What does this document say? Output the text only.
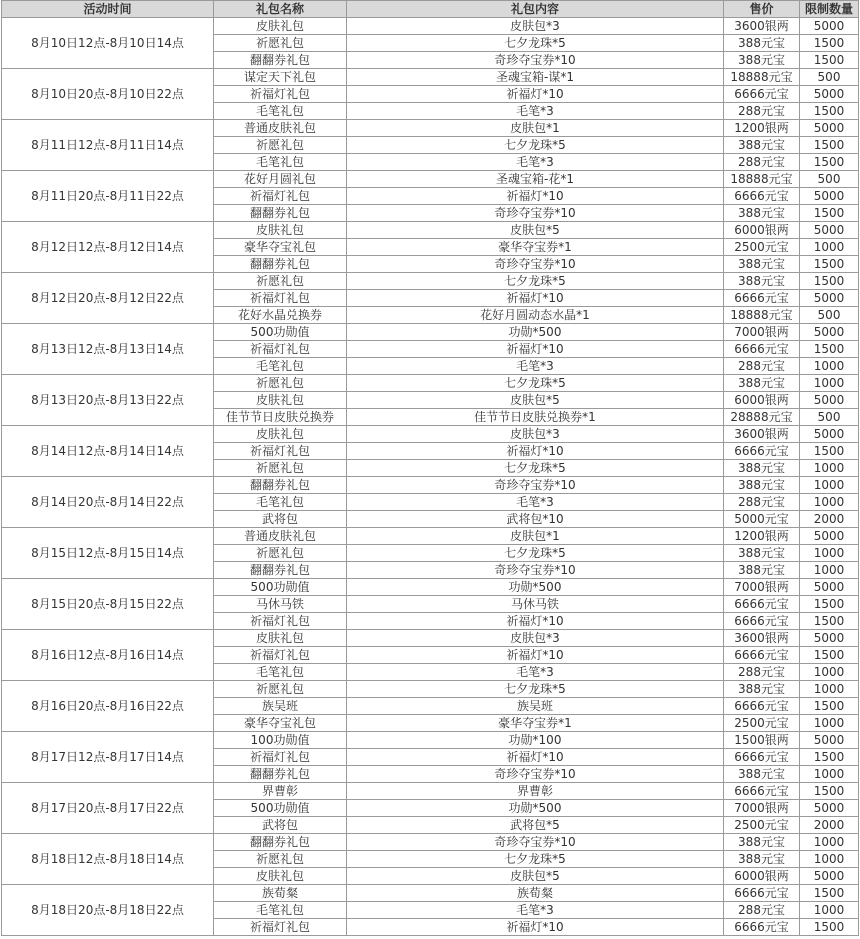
活动时间	礼包名称	礼包内容	售价	限制数量
8月10日12点-8月10日14点	皮肤礼包	皮肤包*3	3600银两	5000
	祈愿礼包	七夕龙珠*5	388元宝	1500
	翻翻券礼包	奇珍夺宝券*10	388元宝	1500
8月10日20点-8月10日22点	谋定天下礼包	圣魂宝箱-谋*1	18888元宝	500
	祈福灯礼包	祈福灯*10	6666元宝	5000
	毛笔礼包	毛笔*3	288元宝	1500
8月11日12点-8月11日14点	普通皮肤礼包	皮肤包*1	1200银两	5000
	祈愿礼包	七夕龙珠*5	388元宝	1500
	毛笔礼包	毛笔*3	288元宝	1500
8月11日20点-8月11日22点	花好月圆礼包	圣魂宝箱-花*1	18888元宝	500
	祈福灯礼包	祈福灯*10	6666元宝	5000
	翻翻券礼包	奇珍夺宝券*10	388元宝	1500
8月12日12点-8月12日14点	皮肤礼包	皮肤包*5	6000银两	5000
	豪华夺宝礼包	豪华夺宝券*1	2500元宝	1000
	翻翻券礼包	奇珍夺宝券*10	388元宝	1500
8月12日20点-8月12日22点	祈愿礼包	七夕龙珠*5	388元宝	1500
	祈福灯礼包	祈福灯*10	6666元宝	5000
	花好水晶兑换券	花好月圆动态水晶*1	18888元宝	500
8月13日12点-8月13日14点	500功勋值	功勋*500	7000银两	5000
	祈福灯礼包	祈福灯*10	6666元宝	1500
	毛笔礼包	毛笔*3	288元宝	1000
8月13日20点-8月13日22点	祈愿礼包	七夕龙珠*5	388元宝	1000
	皮肤礼包	皮肤包*5	6000银两	5000
	佳节节日皮肤兑换券	佳节节日皮肤兑换券*1	28888元宝	500
8月14日12点-8月14日14点	皮肤礼包	皮肤包*3	3600银两	5000
	祈福灯礼包	祈福灯*10	6666元宝	1500
	祈愿礼包	七夕龙珠*5	388元宝	1000
8月14日20点-8月14日22点	翻翻券礼包	奇珍夺宝券*10	388元宝	1000
	毛笔礼包	毛笔*3	288元宝	1000
	武将包	武将包*10	5000元宝	2000
8月15日12点-8月15日14点	普通皮肤礼包	皮肤包*1	1200银两	5000
	祈愿礼包	七夕龙珠*5	388元宝	1000
	翻翻券礼包	奇珍夺宝券*10	388元宝	1000
8月15日20点-8月15日22点	500功勋值	功勋*500	7000银两	5000
	马休马铁	马休马铁	6666元宝	1500
	祈福灯礼包	祈福灯*10	6666元宝	1500
8月16日12点-8月16日14点	皮肤礼包	皮肤包*3	3600银两	5000
	祈福灯礼包	祈福灯*10	6666元宝	1500
	毛笔礼包	毛笔*3	288元宝	1000
8月16日20点-8月16日22点	祈愿礼包	七夕龙珠*5	388元宝	1000
	族吴班	族吴班	6666元宝	1500
	豪华夺宝礼包	豪华夺宝券*1	2500元宝	1000
8月17日12点-8月17日14点	100功勋值	功勋*100	1500银两	5000
	祈福灯礼包	祈福灯*10	6666元宝	1500
	翻翻券礼包	奇珍夺宝券*10	388元宝	1000
8月17日20点-8月17日22点	界曹彰	界曹彰	6666元宝	1500
	500功勋值	功勋*500	7000银两	5000
	武将包	武将包*5	2500元宝	2000
8月18日12点-8月18日14点	翻翻券礼包	奇珍夺宝券*10	388元宝	1000
	祈愿礼包	七夕龙珠*5	388元宝	1000
	皮肤礼包	皮肤包*5	6000银两	5000
8月18日20点-8月18日22点	族荀粲	族荀粲	6666元宝	1500
	毛笔礼包	毛笔*3	288元宝	1000
	祈福灯礼包	祈福灯*10	6666元宝	1500
